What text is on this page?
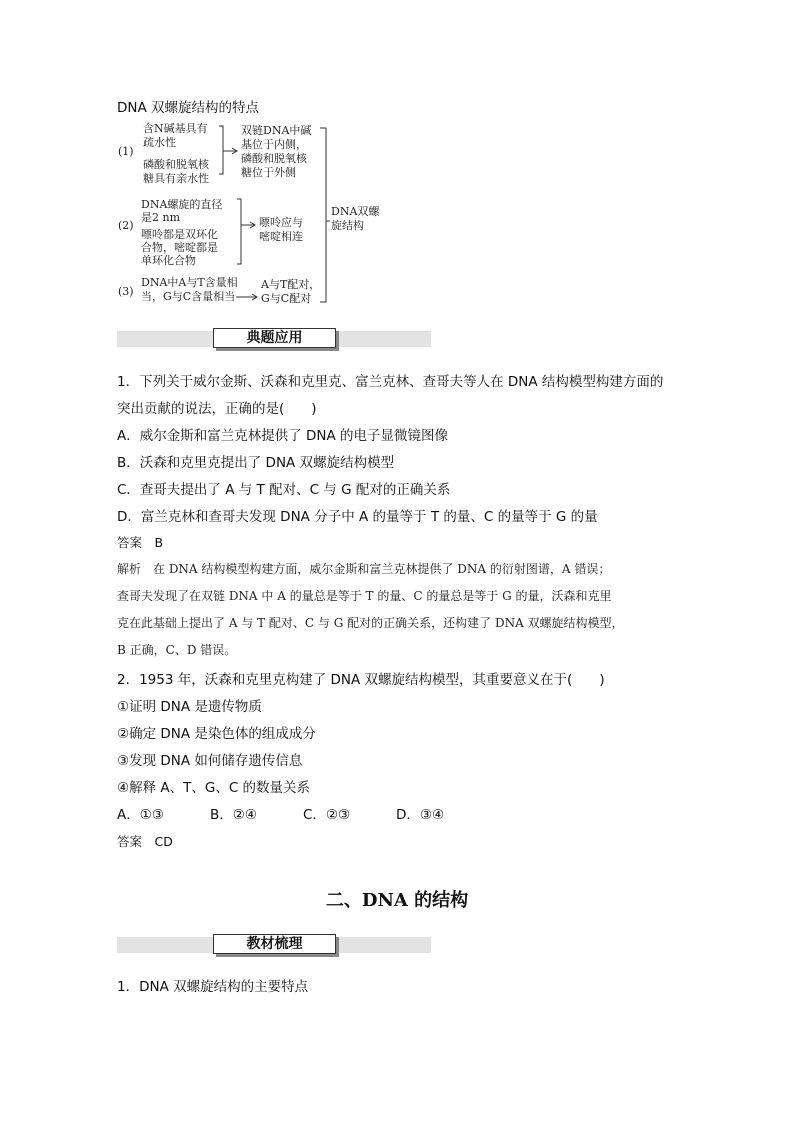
DNA 双螺旋结构的特点
(1)
含N碱基具有
疏水性
磷酸和脱氧核
糖具有亲水性
双链DNA中碱
基位于内侧，
磷酸和脱氧核
糖位于外侧
(2)
DNA螺旋的直径
是2 nm
嘌呤都是双环化
合物，嘧啶都是
单环化合物
嘌呤应与
嘧啶相连
(3)
DNA中A与T含量相
当，G与C含量相当
A与T配对，
G与C配对
DNA双螺
旋结构
典题应用
1．下列关于威尔金斯、沃森和克里克、富兰克林、查哥夫等人在 DNA 结构模型构建方面的
突出贡献的说法，正确的是(　　)
A．威尔金斯和富兰克林提供了 DNA 的电子显微镜图像
B．沃森和克里克提出了 DNA 双螺旋结构模型
C．查哥夫提出了 A 与 T 配对、C 与 G 配对的正确关系
D．富兰克林和查哥夫发现 DNA 分子中 A 的量等于 T 的量、C 的量等于 G 的量
答案　B
解析　在 DNA 结构模型构建方面，威尔金斯和富兰克林提供了 DNA 的衍射图谱，A 错误；
查哥夫发现了在双链 DNA 中 A 的量总是等于 T 的量、C 的量总是等于 G 的量，沃森和克里
克在此基础上提出了 A 与 T 配对、C 与 G 配对的正确关系，还构建了 DNA 双螺旋结构模型，
B 正确，C、D 错误。
2．1953 年，沃森和克里克构建了 DNA 双螺旋结构模型，其重要意义在于(　　)
①证明 DNA 是遗传物质
②确定 DNA 是染色体的组成成分
③发现 DNA 如何储存遗传信息
④解释 A、T、G、C 的数量关系
A．①③	B．②④	C．②③	D．③④
答案　CD
二、DNA 的结构
教材梳理
1．DNA 双螺旋结构的主要特点
